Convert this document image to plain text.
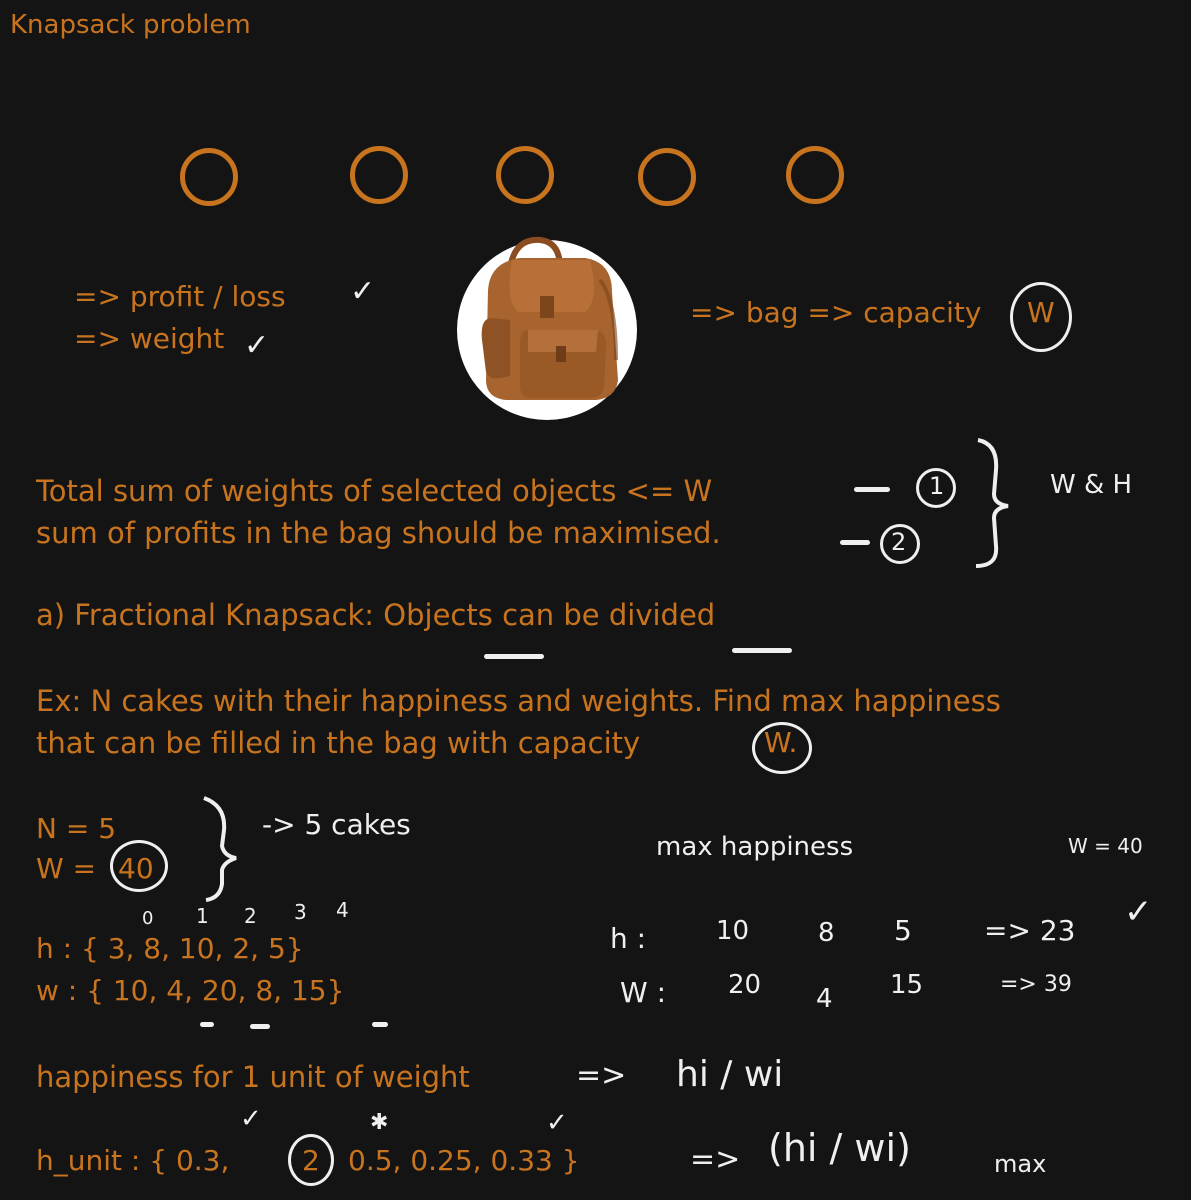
Knapsack problem
=> profit / loss ✓
=> weight ✓
=> bag => capacity W
Total sum of weights of selected objects <= W
sum of profits in the bag should be maximised.
1
2
W & H
a) Fractional Knapsack: Objects can be divided
Ex: N cakes with their happiness and weights. Find max happiness
that can be filled in the bag with capacity	W.
N = 5
W = 40
-> 5 cakes
0 1 2 3 4
h : { 3, 8, 10, 2, 5}
w : { 10, 4, 20, 8, 15}
max happiness	W = 40
h :	10	8 5	=> 23 ✓
W : 20 4 15	=> 39
happiness for 1 unit of weight	=> hi / wi
h_unit : { 0.3,	2 0.5, 0.25, 0.33 }
✓	✱	✓
=> (hi / wi)	max
